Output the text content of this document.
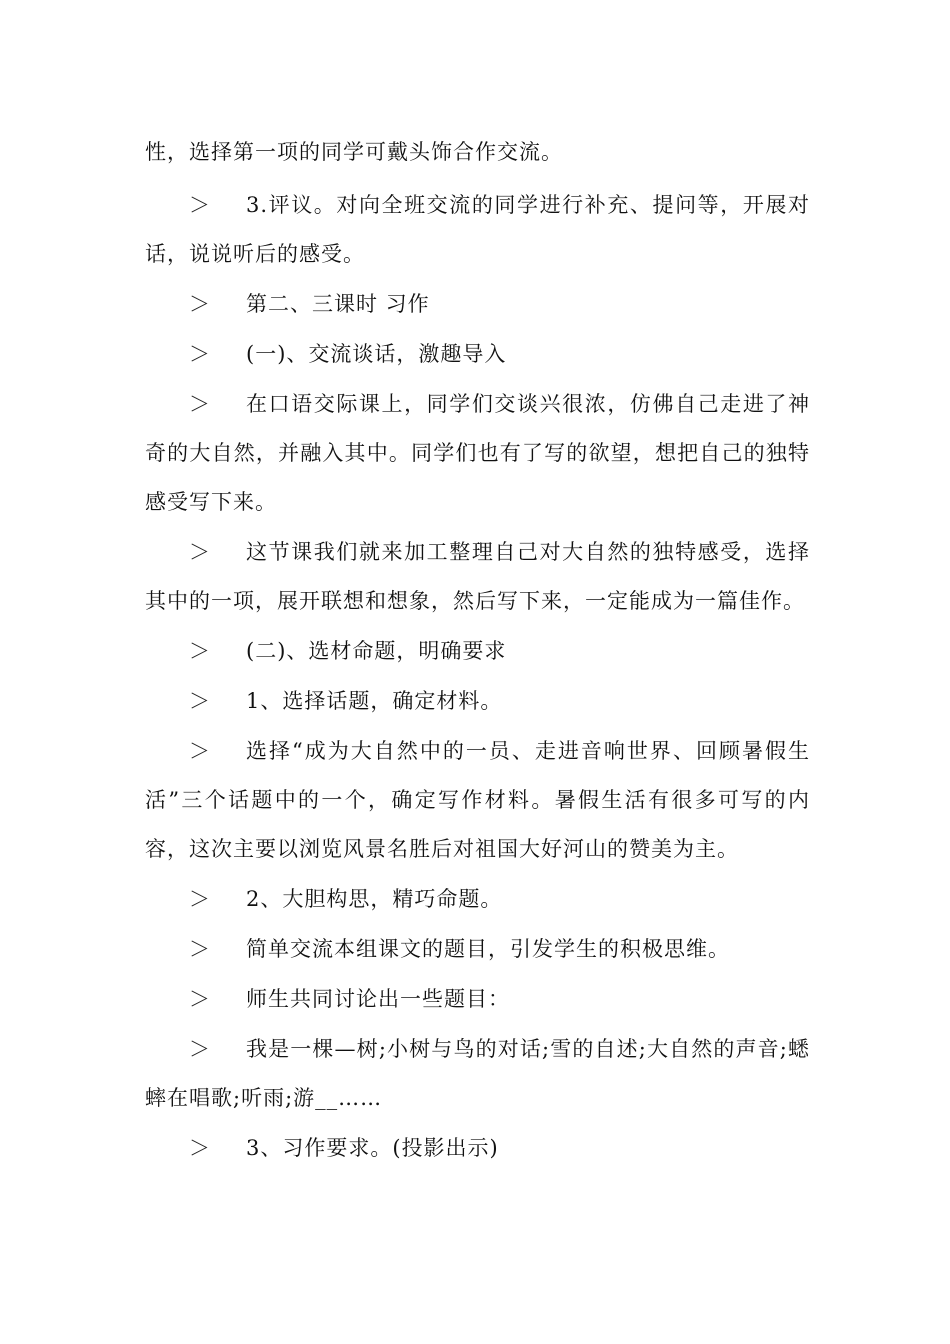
性，选择第一项的同学可戴头饰合作交流。

＞ 3.评议。对向全班交流的同学进行补充、提问等，开展对话，说说听后的感受。

＞ 第二、三课时 习作

＞ (一)、交流谈话，激趣导入

＞ 在口语交际课上，同学们交谈兴很浓，仿佛自己走进了神奇的大自然，并融入其中。同学们也有了写的欲望，想把自己的独特感受写下来。

＞ 这节课我们就来加工整理自己对大自然的独特感受，选择其中的一项，展开联想和想象，然后写下来，一定能成为一篇佳作。

＞ (二)、选材命题，明确要求

＞ 1、选择话题，确定材料。

＞ 选择“成为大自然中的一员、走进音响世界、回顾暑假生活”三个话题中的一个，确定写作材料。暑假生活有很多可写的内容，这次主要以浏览风景名胜后对祖国大好河山的赞美为主。

＞ 2、大胆构思，精巧命题。

＞ 简单交流本组课文的题目，引发学生的积极思维。

＞ 师生共同讨论出一些题目：

＞ 我是一棵—树;小树与鸟的对话;雪的自述;大自然的声音;蟋蟀在唱歌;听雨;游__……

＞ 3、习作要求。(投影出示)
